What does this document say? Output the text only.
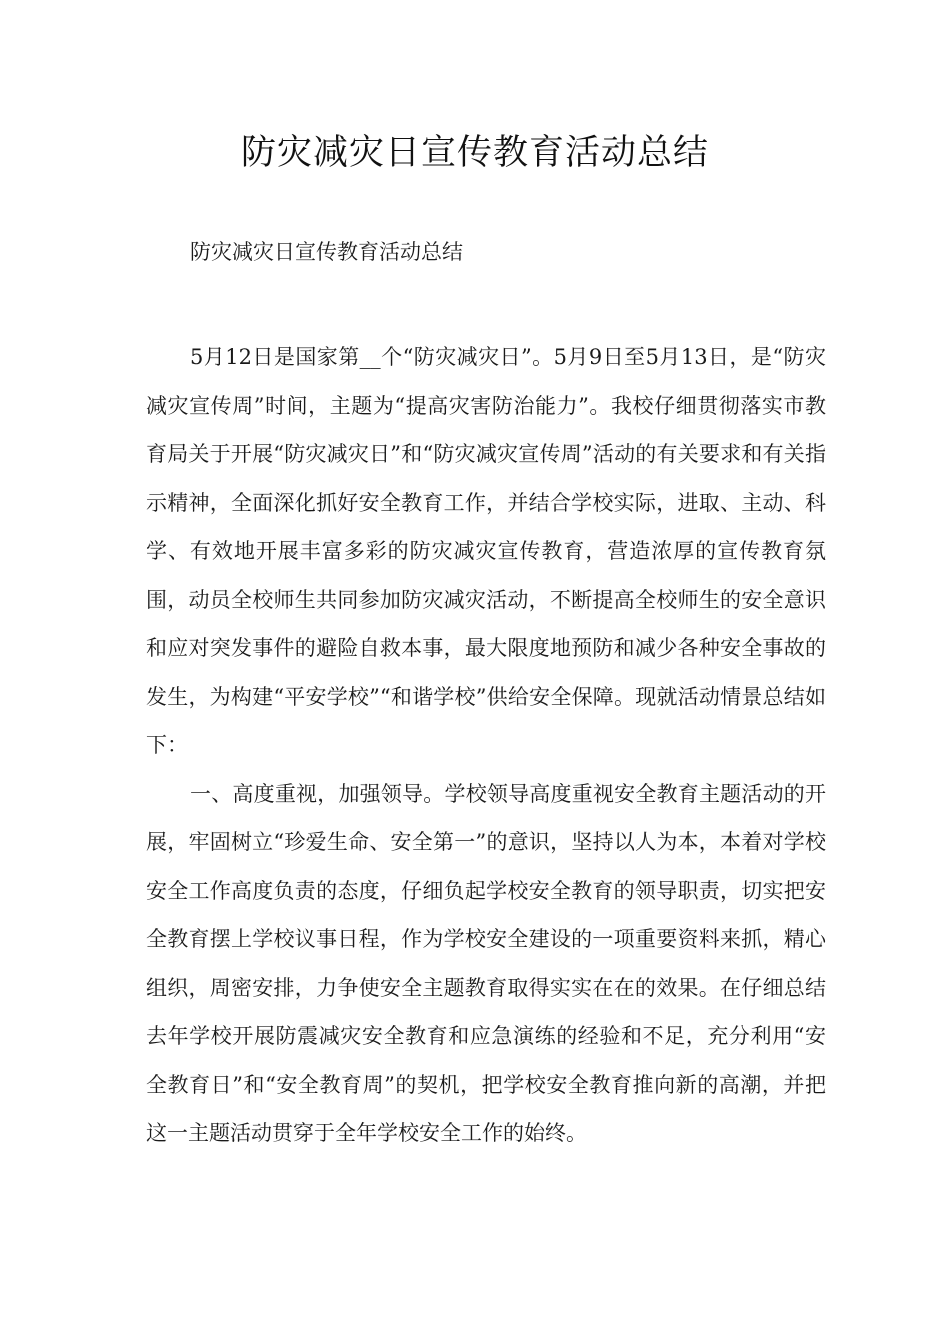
防灾减灾日宣传教育活动总结

防灾减灾日宣传教育活动总结

5月12日是国家第__个“防灾减灾日”。5月9日至5月13日，是“防灾减灾宣传周”时间，主题为“提高灾害防治能力”。我校仔细贯彻落实市教育局关于开展“防灾减灾日”和“防灾减灾宣传周”活动的有关要求和有关指示精神，全面深化抓好安全教育工作，并结合学校实际，进取、主动、科学、有效地开展丰富多彩的防灾减灾宣传教育，营造浓厚的宣传教育氛围，动员全校师生共同参加防灾减灾活动，不断提高全校师生的安全意识和应对突发事件的避险自救本事，最大限度地预防和减少各种安全事故的发生，为构建“平安学校”“和谐学校”供给安全保障。现就活动情景总结如下：

一、高度重视，加强领导。学校领导高度重视安全教育主题活动的开展，牢固树立“珍爱生命、安全第一”的意识，坚持以人为本，本着对学校安全工作高度负责的态度，仔细负起学校安全教育的领导职责，切实把安全教育摆上学校议事日程，作为学校安全建设的一项重要资料来抓，精心组织，周密安排，力争使安全主题教育取得实实在在的效果。在仔细总结去年学校开展防震减灾安全教育和应急演练的经验和不足，充分利用“安全教育日”和“安全教育周”的契机，把学校安全教育推向新的高潮，并把这一主题活动贯穿于全年学校安全工作的始终。
